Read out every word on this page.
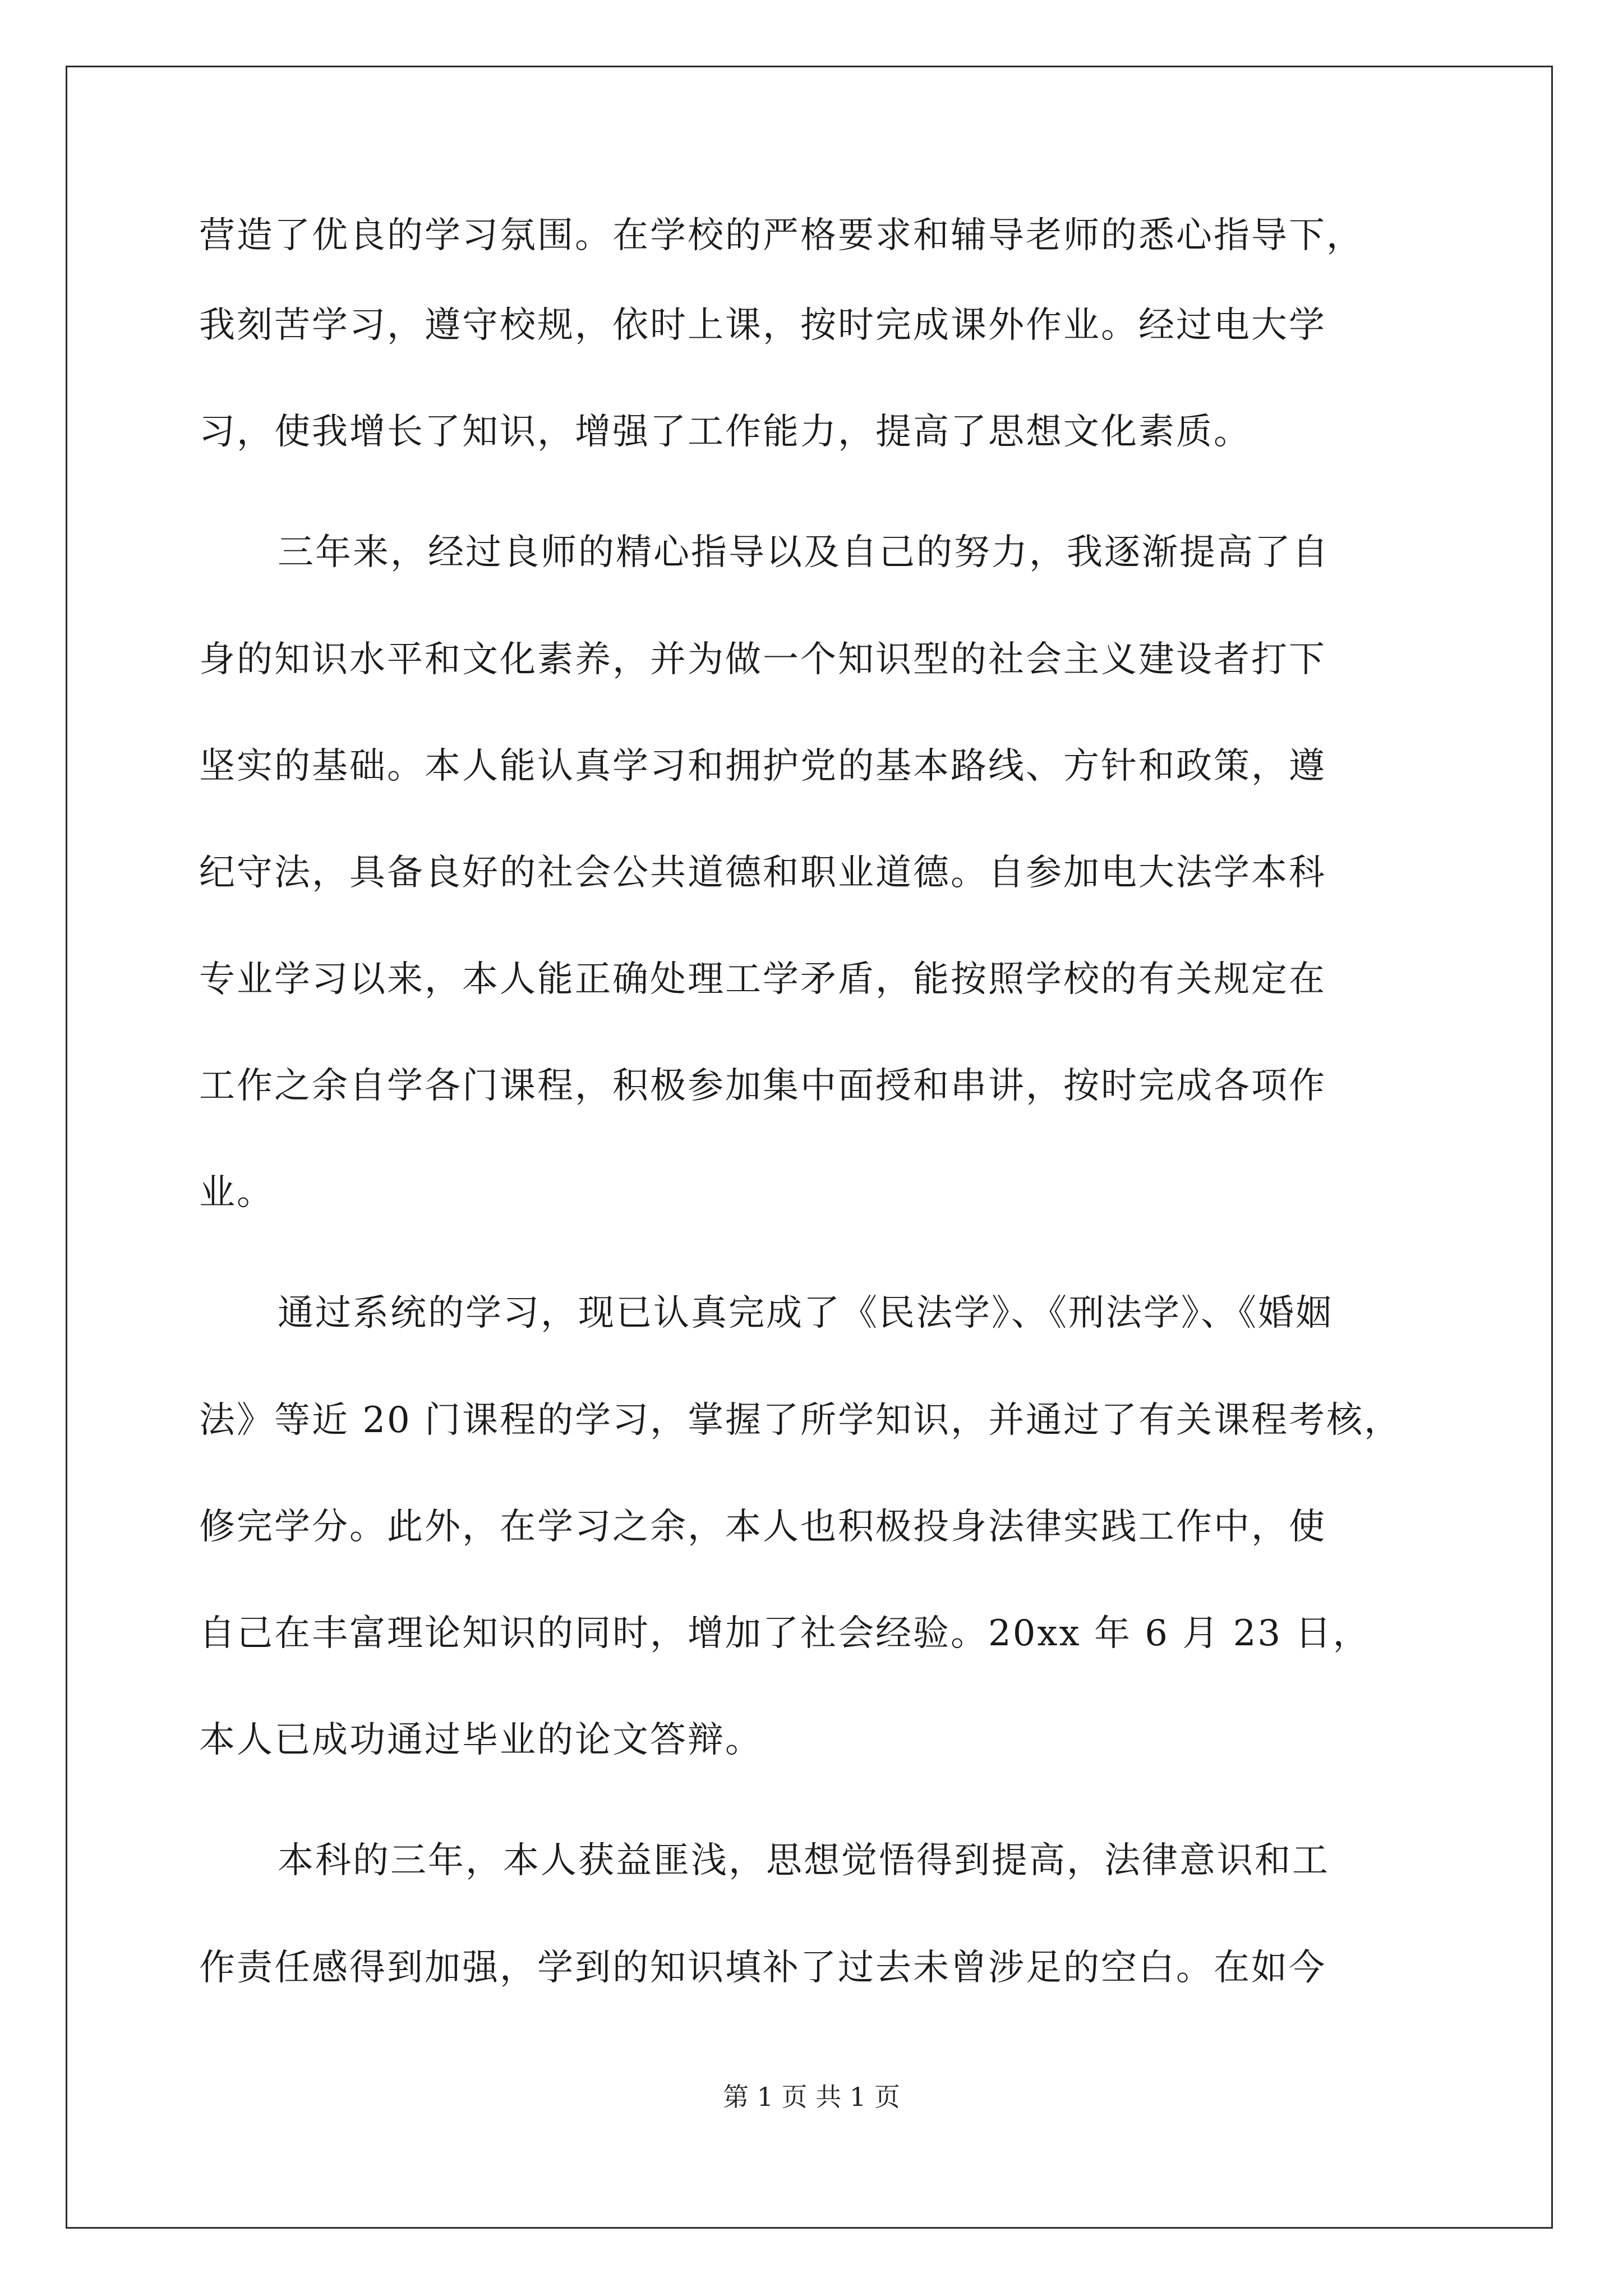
营造了优良的学习氛围。在学校的严格要求和辅导老师的悉心指导下，
我刻苦学习，遵守校规，依时上课，按时完成课外作业。经过电大学
习，使我增长了知识，增强了工作能力，提高了思想文化素质。
三年来，经过良师的精心指导以及自己的努力，我逐渐提高了自
身的知识水平和文化素养，并为做一个知识型的社会主义建设者打下
坚实的基础。本人能认真学习和拥护党的基本路线、方针和政策，遵
纪守法，具备良好的社会公共道德和职业道德。自参加电大法学本科
专业学习以来，本人能正确处理工学矛盾，能按照学校的有关规定在
工作之余自学各门课程，积极参加集中面授和串讲，按时完成各项作
业。
通过系统的学习，现已认真完成了《民法学》、《刑法学》、《婚姻
法》等近 20 门课程的学习，掌握了所学知识，并通过了有关课程考核，
修完学分。此外，在学习之余，本人也积极投身法律实践工作中，使
自己在丰富理论知识的同时，增加了社会经验。20xx 年 6 月 23 日，
本人已成功通过毕业的论文答辩。
本科的三年，本人获益匪浅，思想觉悟得到提高，法律意识和工
作责任感得到加强，学到的知识填补了过去未曾涉足的空白。在如今
第 1 页 共 1 页
